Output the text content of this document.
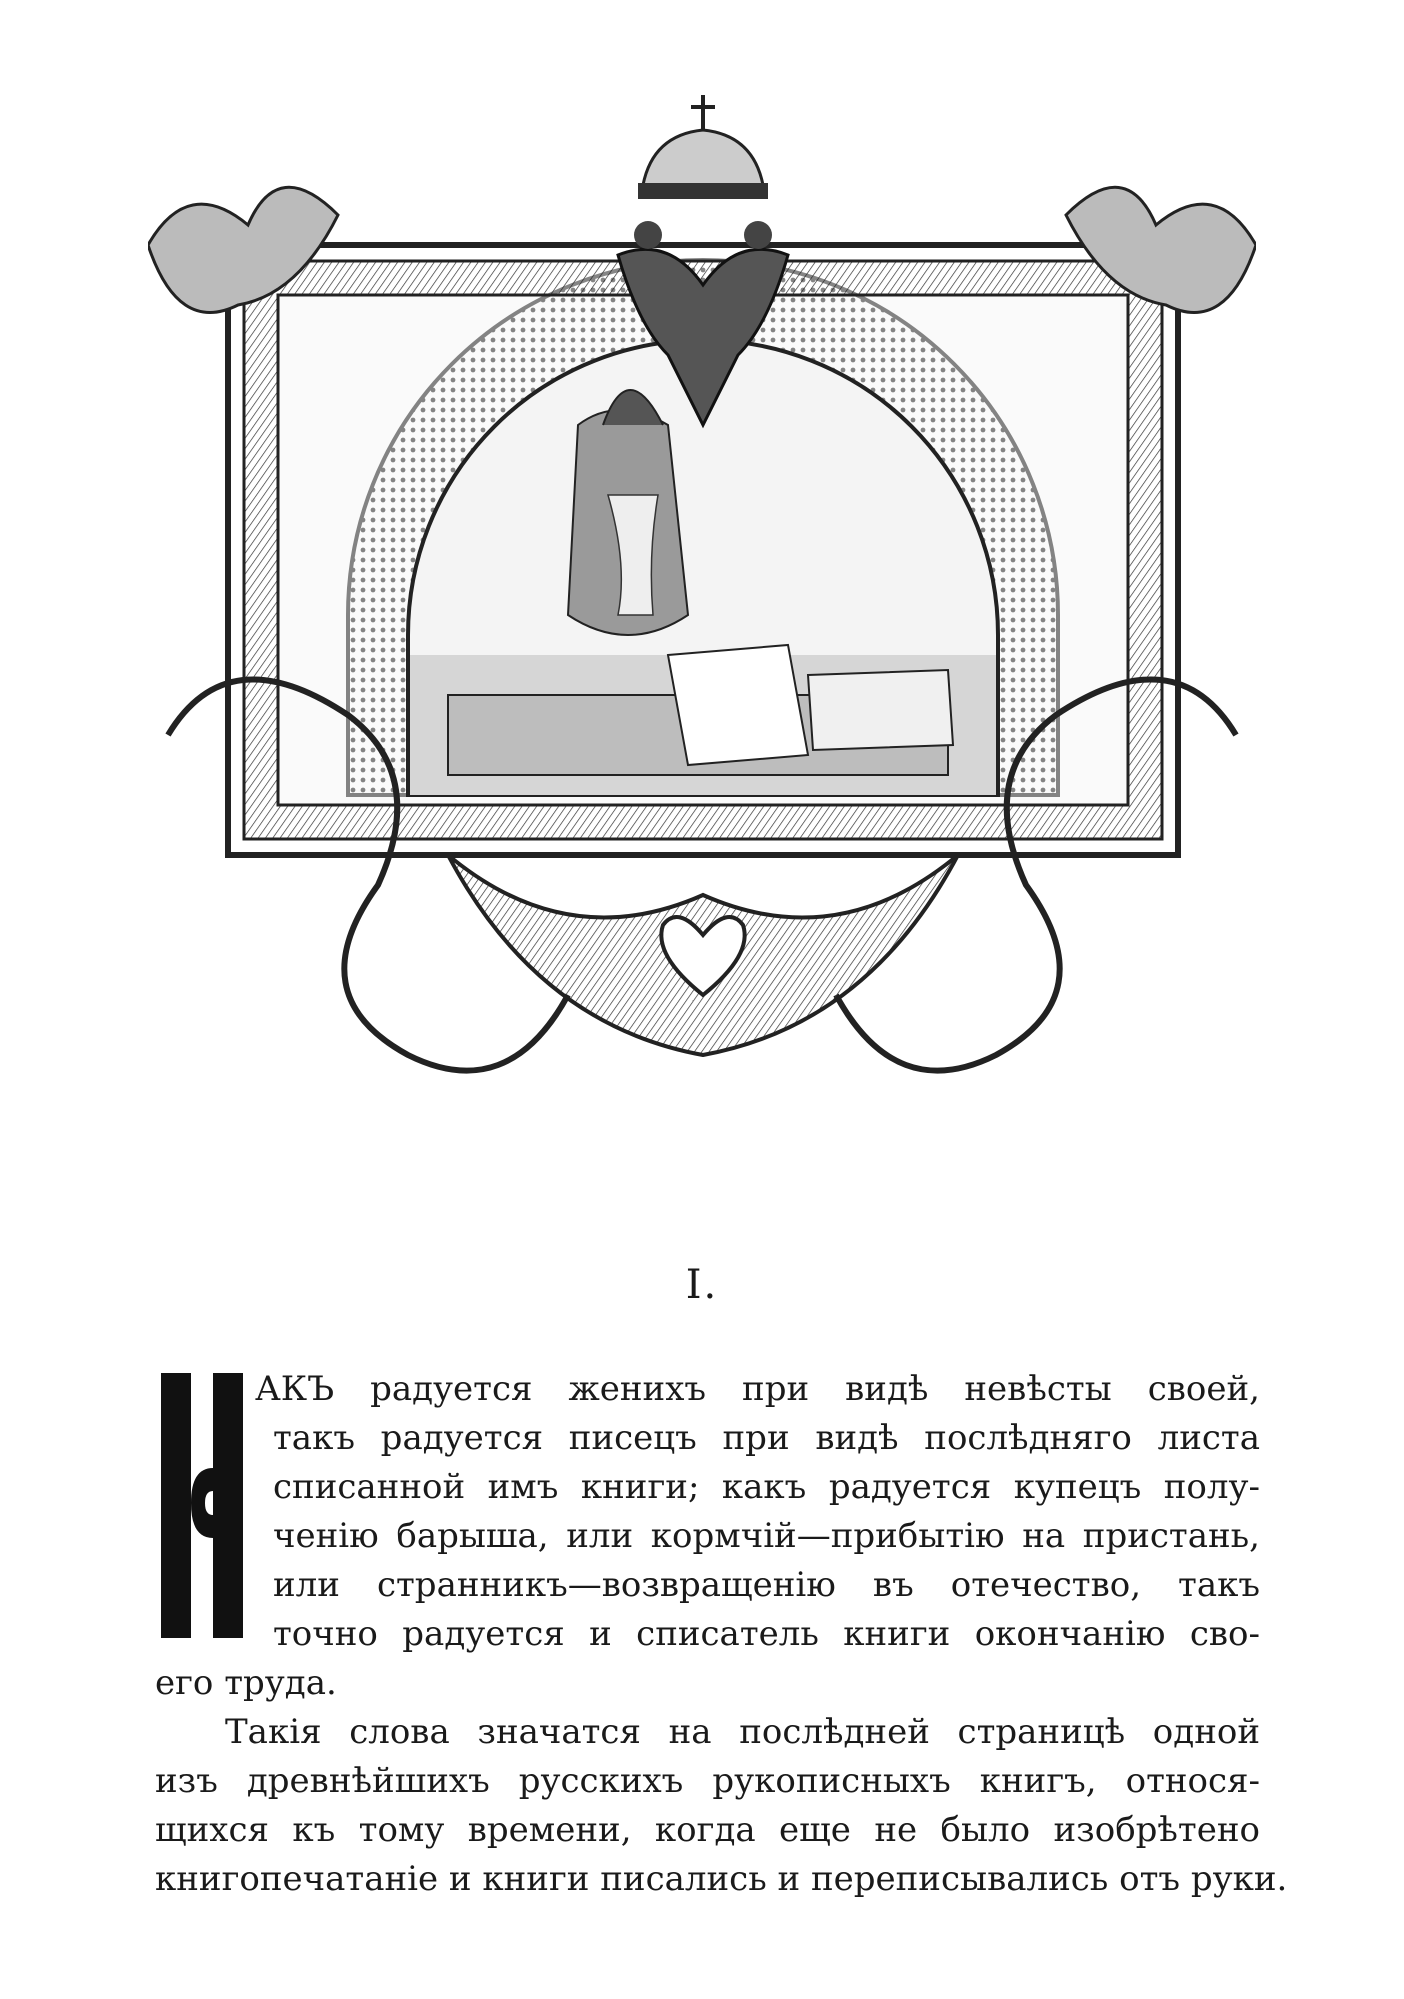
I.
АКЪ радуется женихъ при видѣ невѣсты своей,
такъ радуется писецъ при видѣ послѣдняго листа
списанной имъ книги; какъ радуется купецъ полу-
ченію барыша, или кормчій—прибытію на пристань,
или странникъ—возвращенію въ отечество, такъ
точно радуется и списатель книги окончанію сво-
его труда.
Такія слова значатся на послѣдней страницѣ одной
изъ древнѣйшихъ русскихъ рукописныхъ книгъ, относя-
щихся къ тому времени, когда еще не было изобрѣтено
книгопечатаніе и книги писались и переписывались отъ руки.
